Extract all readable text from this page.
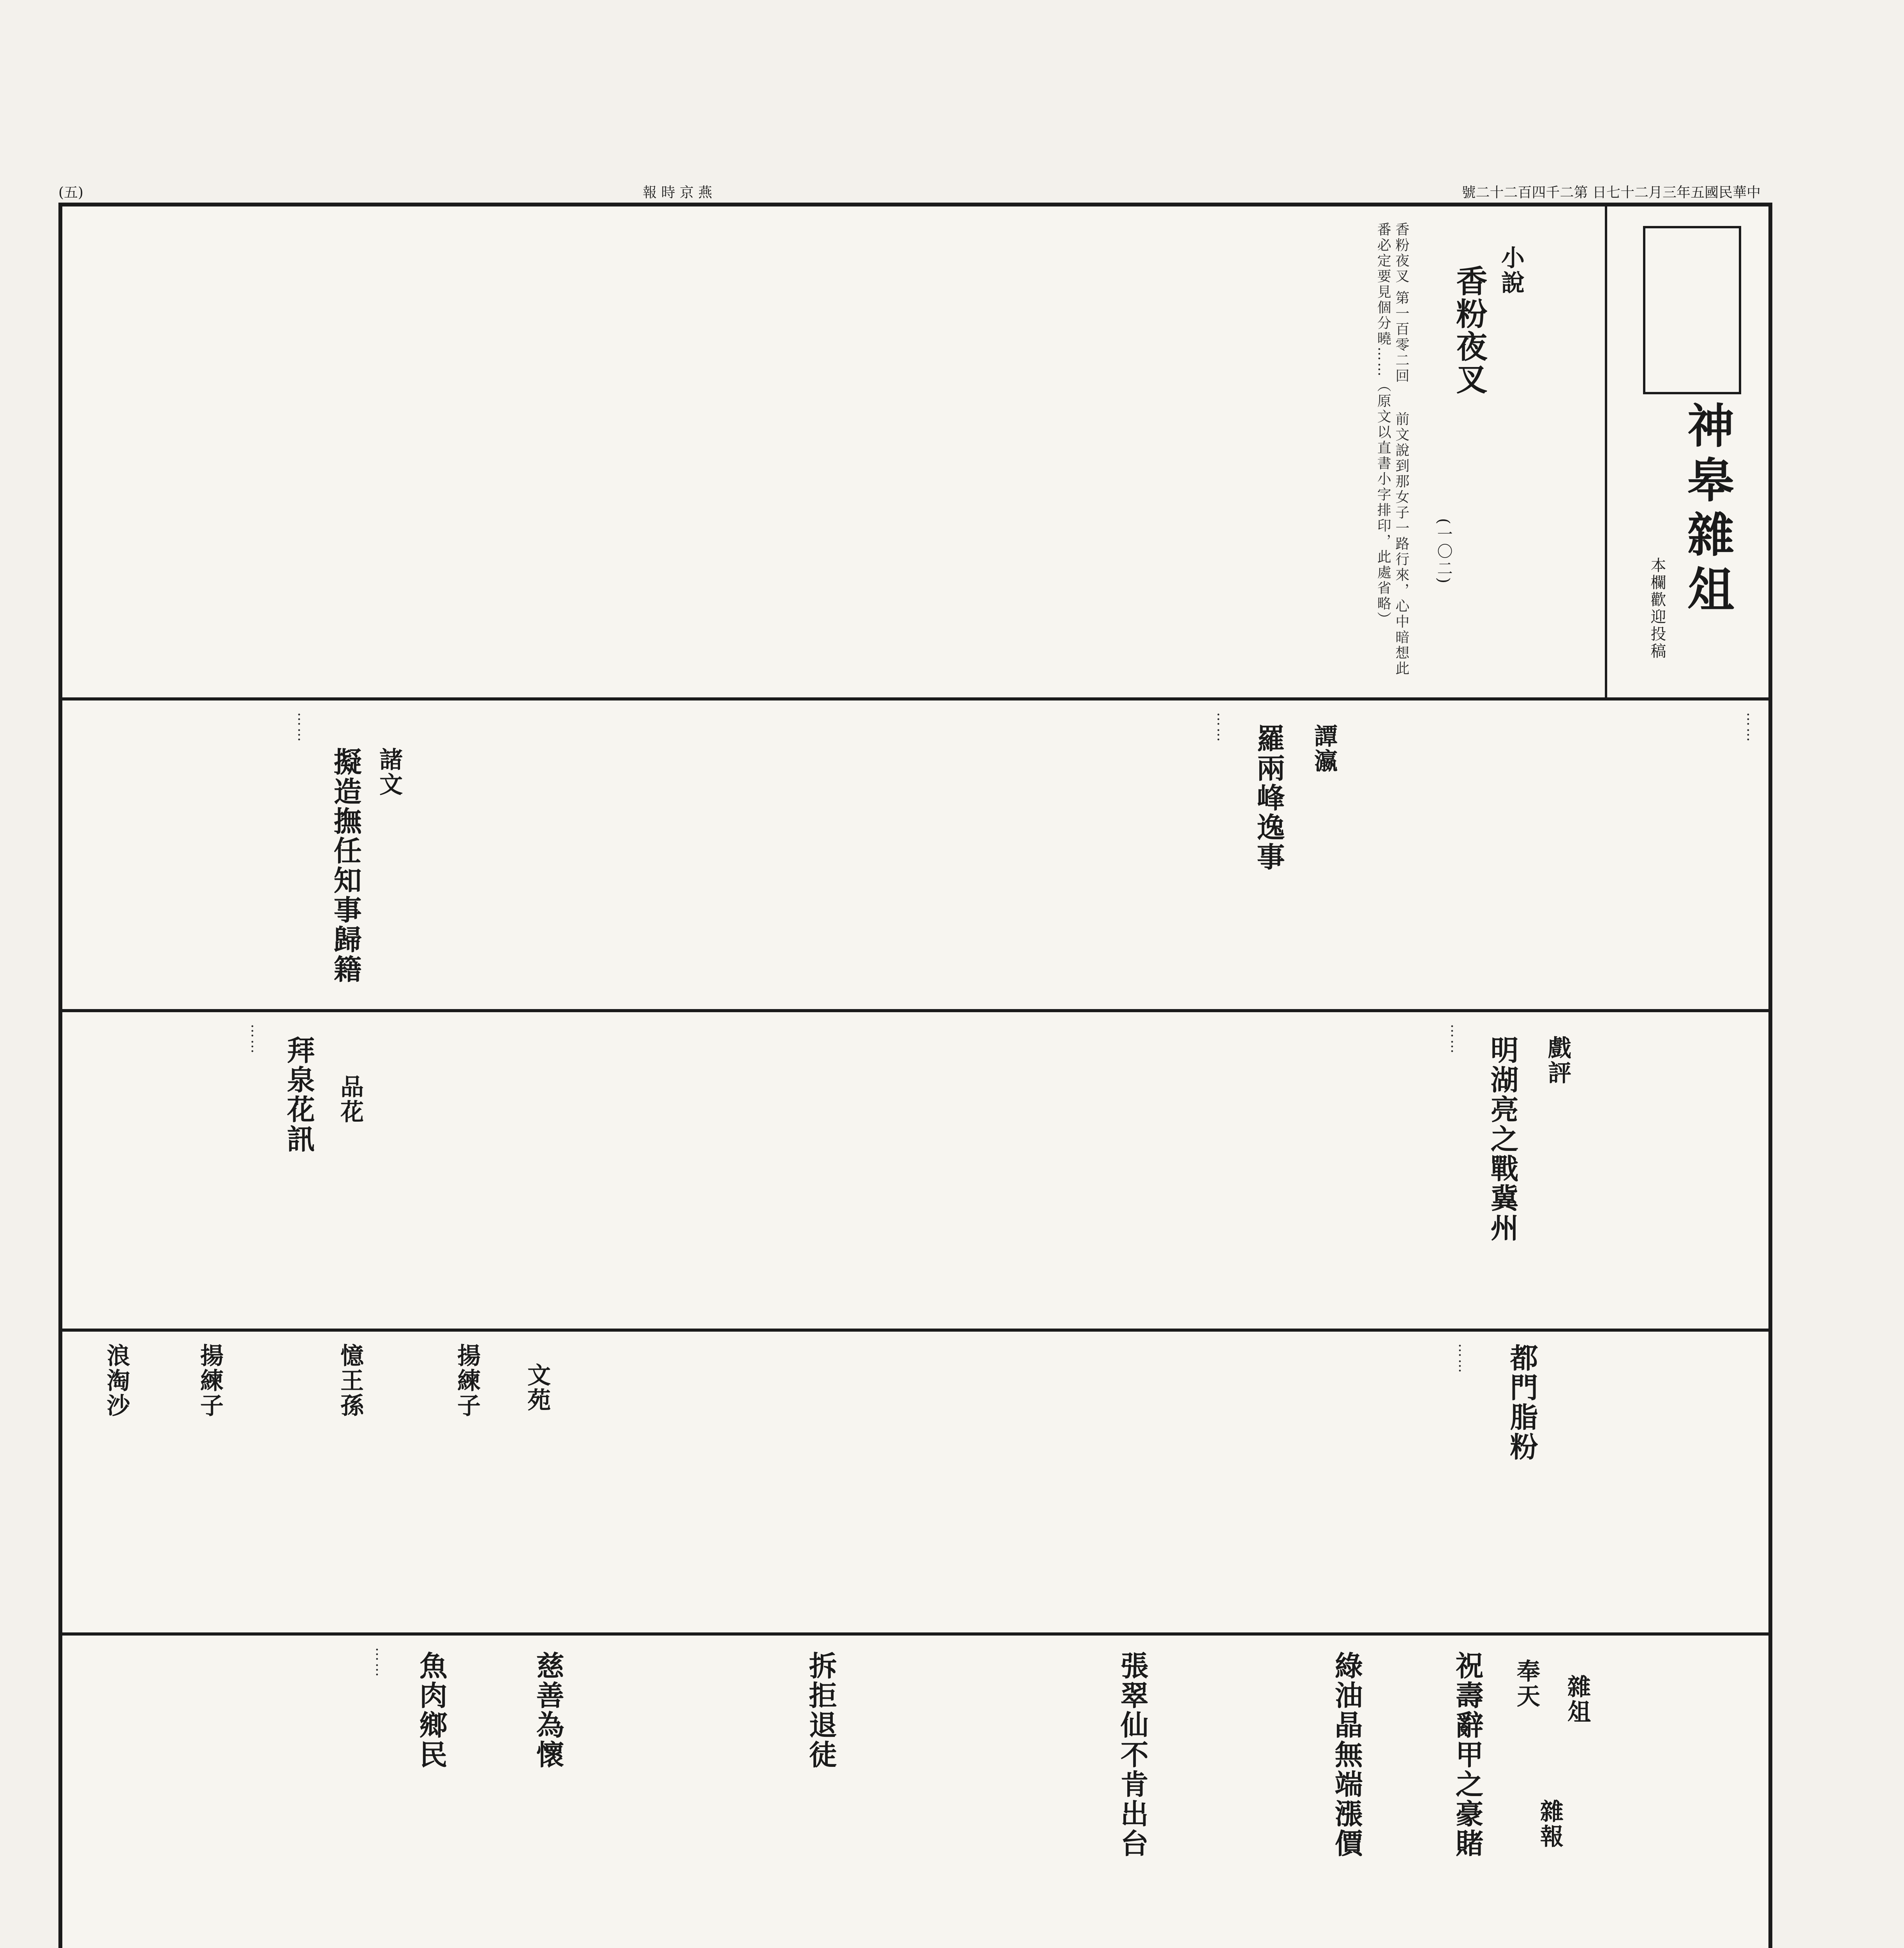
(五)	報 時 京 燕	號二十二百四千二第 日七十二月三年五國民華中
神皋雜俎
本欄歡迎投稿
小說
香粉夜叉
(一〇二)
香粉夜叉 第一百零二回 　 前文說到那女子一路行來，心中暗想此番必定要見個分曉……（原文以直書小字排印，此處省略）
譚瀛
羅兩峰逸事
諸文
擬造撫任知事歸籍
……	……	……
戲評
明湖亮之戰冀州
品花
拜泉花訊
……	……
文苑	都門脂粉
揚練子
憶王孫
揚練子
浪淘沙	……
雜俎
雜報
奉天
祝壽辭甲之豪賭
綠油晶無端漲價
張翠仙不肯出台
拆拒退徒
慈善為懷
魚肉鄉民
……
